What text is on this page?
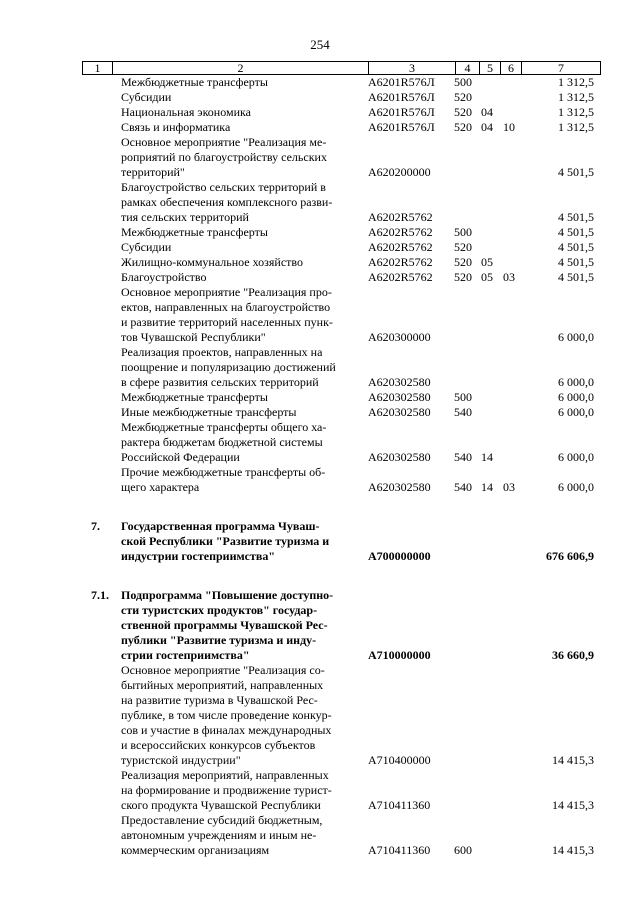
254
1	2	3	4	5	6	7
Межбюджетные трансферты	А6201R576Л	500	1 312,5
Субсидии	А6201R576Л	520	1 312,5
Национальная экономика	А6201R576Л	520 04	1 312,5
Связь и информатика	А6201R576Л	520 04 10	1 312,5
Основное мероприятие "Реализация ме-
роприятий по благоустройству сельских
территорий"	А620200000	4 501,5
Благоустройство сельских территорий в
рамках обеспечения комплексного разви-
тия сельских территорий	А6202R5762	4 501,5
Межбюджетные трансферты	А6202R5762	500	4 501,5
Субсидии	А6202R5762	520	4 501,5
Жилищно-коммунальное хозяйство	А6202R5762	520 05	4 501,5
Благоустройство	А6202R5762	520 05 03	4 501,5
Основное мероприятие "Реализация про-
ектов, направленных на благоустройство
и развитие территорий населенных пунк-
тов Чувашской Республики"	А620300000	6 000,0
Реализация проектов, направленных на
поощрение и популяризацию достижений
в сфере развития сельских территорий	А620302580	6 000,0
Межбюджетные трансферты	А620302580	500	6 000,0
Иные межбюджетные трансферты	А620302580	540	6 000,0
Межбюджетные трансферты общего ха-
рактера бюджетам бюджетной системы
Российской Федерации	А620302580	540 14	6 000,0
Прочие межбюджетные трансферты об-
щего характера	А620302580	540 14 03	6 000,0
7. Государственная программа Чуваш-
ской Республики "Развитие туризма и
индустрии гостеприимства"	А700000000	676 606,9
7.1. Подпрограмма "Повышение доступно-
сти туристских продуктов" государ-
ственной программы Чувашской Рес-
публики "Развитие туризма и инду-
стрии гостеприимства"	А710000000	36 660,9
Основное мероприятие "Реализация со-
бытийных мероприятий, направленных
на развитие туризма в Чувашской Рес-
публике, в том числе проведение конкур-
сов и участие в финалах международных
и всероссийских конкурсов субъектов
туристской индустрии"	А710400000	14 415,3
Реализация мероприятий, направленных
на формирование и продвижение турист-
ского продукта Чувашской Республики	А710411360	14 415,3
Предоставление субсидий бюджетным,
автономным учреждениям и иным не-
коммерческим организациям	А710411360	600	14 415,3
